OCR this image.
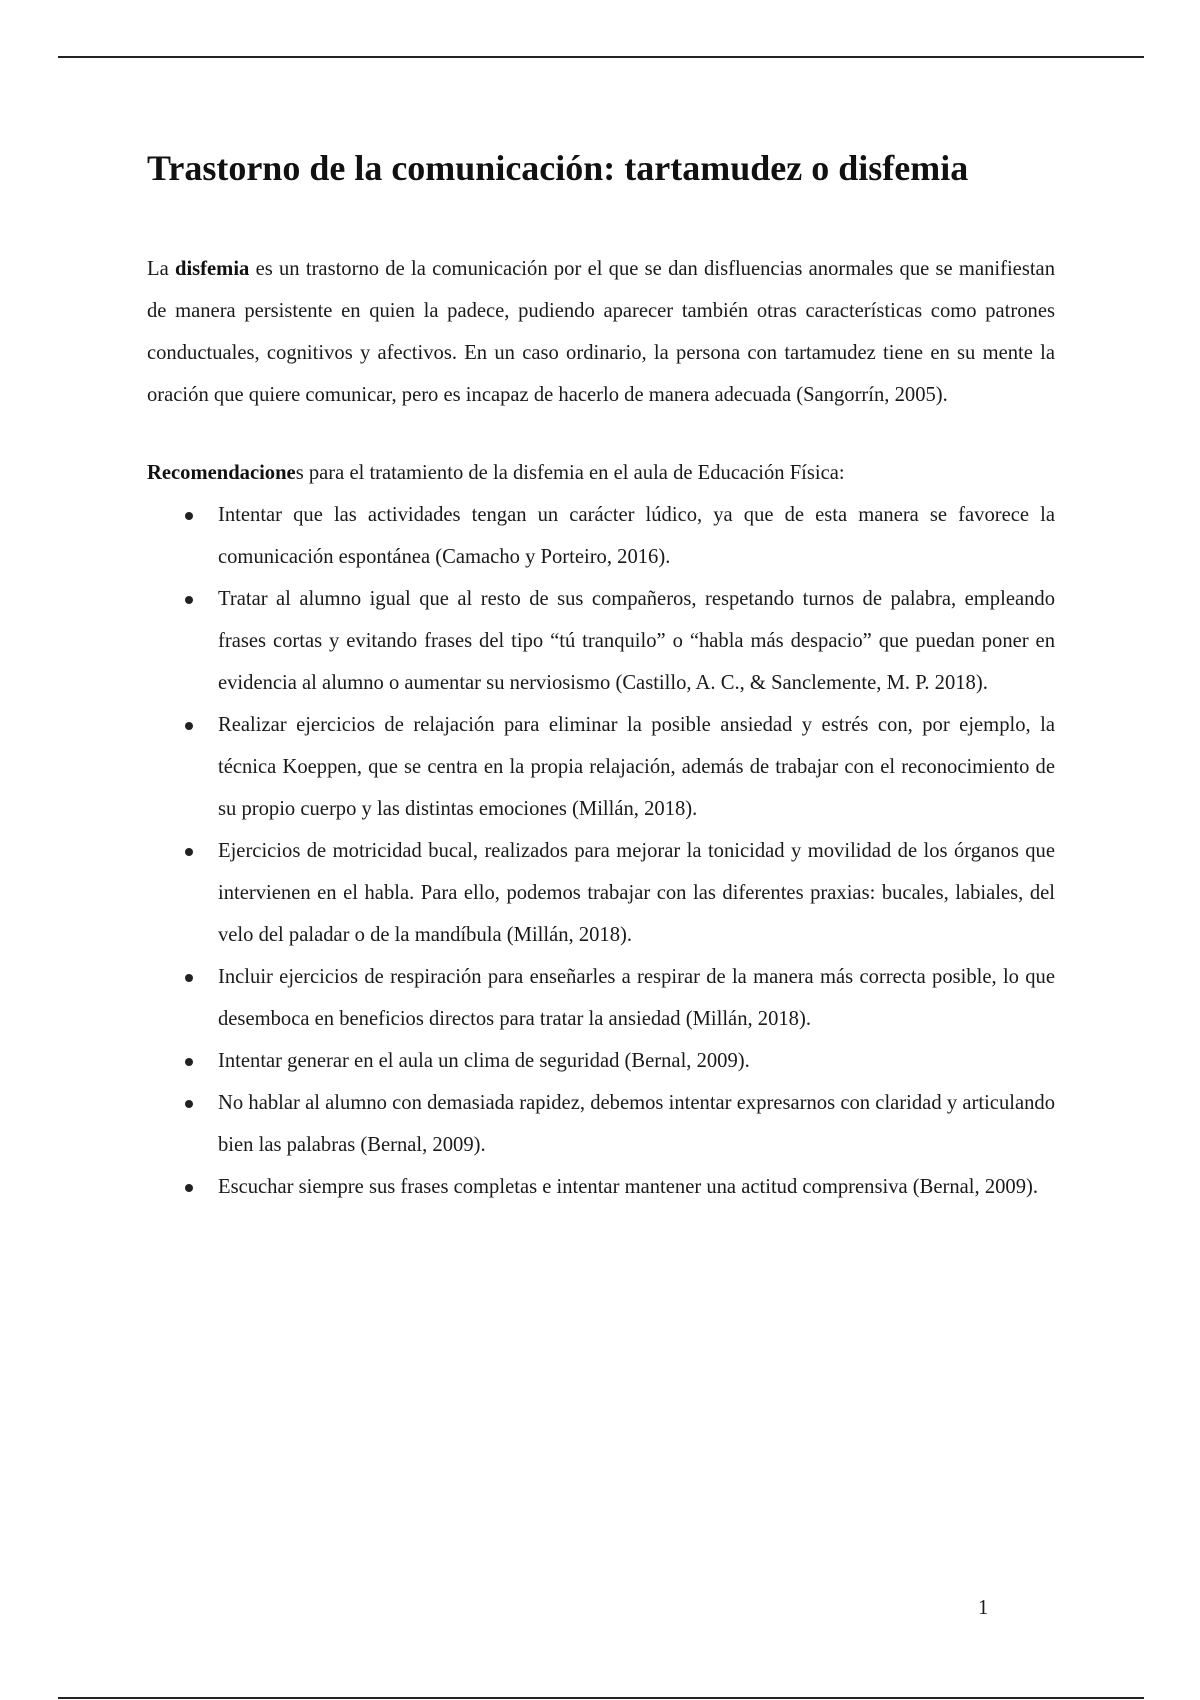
Trastorno de la comunicación: tartamudez o disfemia

La disfemia es un trastorno de la comunicación por el que se dan disfluencias anormales que se manifiestan de manera persistente en quien la padece, pudiendo aparecer también otras características como patrones conductuales, cognitivos y afectivos. En un caso ordinario, la persona con tartamudez tiene en su mente la oración que quiere comunicar, pero es incapaz de hacerlo de manera adecuada (Sangorrín, 2005).

Recomendaciones para el tratamiento de la disfemia en el aula de Educación Física:

Intentar que las actividades tengan un carácter lúdico, ya que de esta manera se favorece la comunicación espontánea (Camacho y Porteiro, 2016).
Tratar al alumno igual que al resto de sus compañeros, respetando turnos de palabra, empleando frases cortas y evitando frases del tipo “tú tranquilo” o “habla más despacio” que puedan poner en evidencia al alumno o aumentar su nerviosismo (Castillo, A. C., & Sanclemente, M. P. 2018).
Realizar ejercicios de relajación para eliminar la posible ansiedad y estrés con, por ejemplo, la técnica Koeppen, que se centra en la propia relajación, además de trabajar con el reconocimiento de su propio cuerpo y las distintas emociones (Millán, 2018).
Ejercicios de motricidad bucal, realizados para mejorar la tonicidad y movilidad de los órganos que intervienen en el habla. Para ello, podemos trabajar con las diferentes praxias: bucales, labiales, del velo del paladar o de la mandíbula (Millán, 2018).
Incluir ejercicios de respiración para enseñarles a respirar de la manera más correcta posible, lo que desemboca en beneficios directos para tratar la ansiedad (Millán, 2018).
Intentar generar en el aula un clima de seguridad (Bernal, 2009).
No hablar al alumno con demasiada rapidez, debemos intentar expresarnos con claridad y articulando bien las palabras (Bernal, 2009).
Escuchar siempre sus frases completas e intentar mantener una actitud comprensiva (Bernal, 2009).
1
